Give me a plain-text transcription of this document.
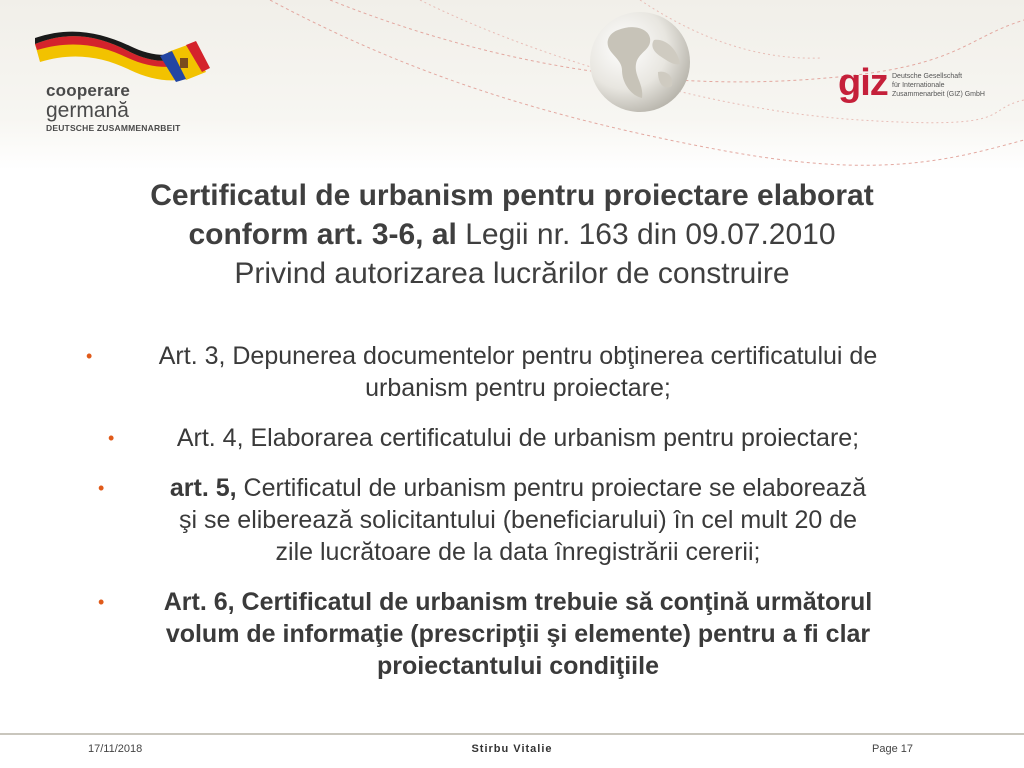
cooperare
germană
DEUTSCHE ZUSAMMENARBEIT
giz Deutsche Gesellschaft
für Internationale
Zusammenarbeit (GIZ) GmbH
Certificatul de urbanism pentru proiectare elaborat
conform art. 3-6, al Legii nr. 163 din 09.07.2010
Privind autorizarea lucrărilor de construire
•	Art. 3, Depunerea documentelor pentru obţinerea certificatului de
urbanism pentru proiectare;
•	Art. 4, Elaborarea certificatului de urbanism pentru proiectare;
•	art. 5, Certificatul de urbanism pentru proiectare se elaborează
şi se eliberează solicitantului (beneficiarului) în cel mult 20 de
zile lucrătoare de la data înregistrării cererii;
•	Art. 6, Certificatul de urbanism trebuie să conţină următorul
volum de informaţie (prescripţii şi elemente) pentru a fi clar
proiectantului condiţiile
17/11/2018	Stirbu Vitalie	Page 17
